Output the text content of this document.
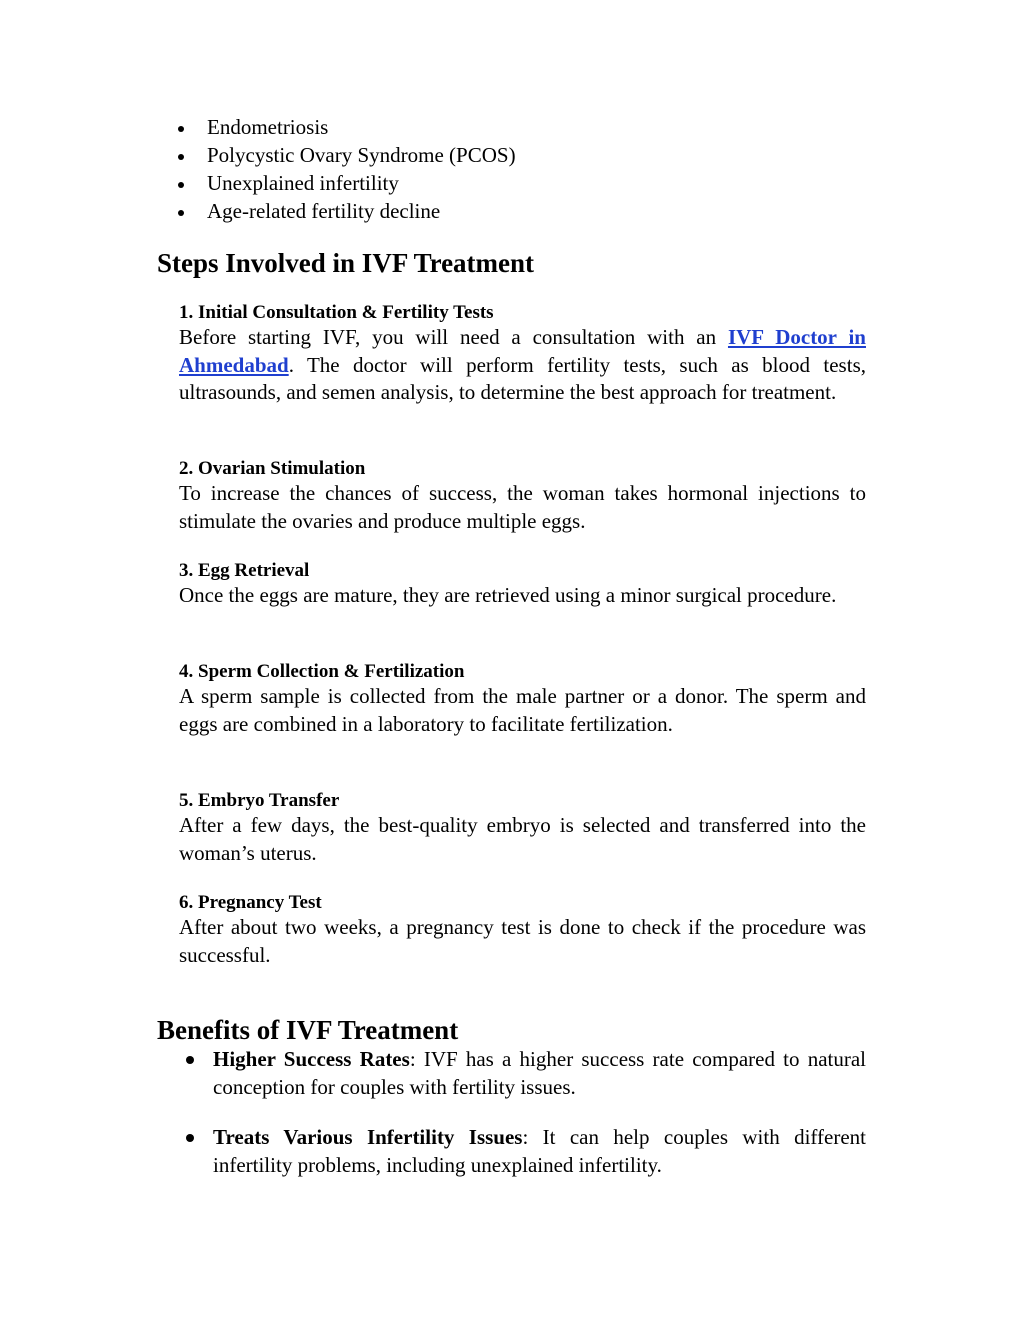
Endometriosis
Polycystic Ovary Syndrome (PCOS)
Unexplained infertility
Age-related fertility decline
Steps Involved in IVF Treatment
1. Initial Consultation & Fertility Tests
Before starting IVF, you will need a consultation with an IVF Doctor in Ahmedabad. The doctor will perform fertility tests, such as blood tests, ultrasounds, and semen analysis, to determine the best approach for treatment.
2. Ovarian Stimulation
To increase the chances of success, the woman takes hormonal injections to stimulate the ovaries and produce multiple eggs.
3. Egg Retrieval
Once the eggs are mature, they are retrieved using a minor surgical procedure.
4. Sperm Collection & Fertilization
A sperm sample is collected from the male partner or a donor. The sperm and eggs are combined in a laboratory to facilitate fertilization.
5. Embryo Transfer
After a few days, the best-quality embryo is selected and transferred into the woman’s uterus.
6. Pregnancy Test
After about two weeks, a pregnancy test is done to check if the procedure was successful.
Benefits of IVF Treatment
Higher Success Rates: IVF has a higher success rate compared to natural conception for couples with fertility issues.
Treats Various Infertility Issues: It can help couples with different infertility problems, including unexplained infertility.
